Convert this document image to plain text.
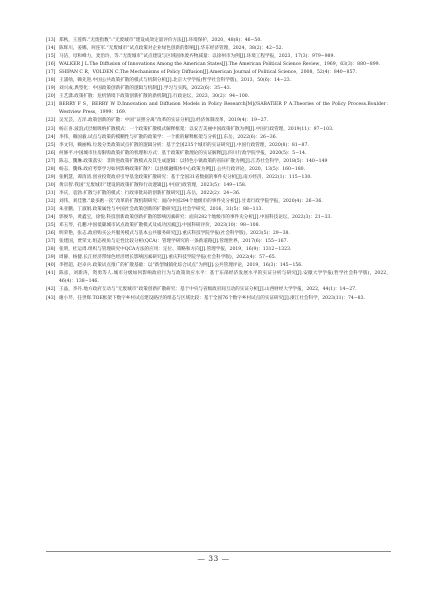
[13] 郑秋，王莲辉.“无废指数”:“无废城市”建设成效定量评价方法[J].环境保护，2020，48(8)：46−50.
[14] 陈辉川，姜娜，何连军.“无废城市”试点政策对企业绿色创新的影响[J].华东经济管理，2024，38(2)：42−52.
[15] 马洁，母和峰力，麦治玲，等.“无废城市”试点建设与区域固体废弃物减量：以徐州市为例[J].环境工程学报，2023，17(3)：979−989.
[16] WALKER J L.The Diffusion of Innovations Among the American States[J].The American Political Science Review，1969，63(3)：880−899.
[17] SHIPAN C R，VOLDEN C.The Mechanisms of Policy Diffusion[J].American Journal of Political Science，2008，52(4)：840−857.
[18] 王浦劬，赖先进.中国公共政策扩散的模式与机制分析[J].北京大学学报(哲学社会科学版)，2013，50(6)：14−23.
[19] 刘兴成.典型化：中国政策创新扩散的逻辑与机制[J].学习与实践，2022(6)：35−43.
[20] 王艺潇.政策扩散：危机情境下政策创新扩散的新机制[J].行政论坛，2023，30(2)：94−100.
[21] BERRY F S，BERRY W D.Innovation and Diffusion Models in Policy Research[M]//SABATIER P A.Theories of the Policy Process.Boulder：Westview Press，1999：169.
[22] 吴光芸，万洋.政策创新的扩散：中国“证照分离”改革的实证分析[J].经济体制改革，2019(4)：19−27.
[23] 杨正喜.波浪式层级吸纳扩散模式：一个政策扩散模式解释框架：以安吉美丽中国政策扩散为例[J].中国行政管理，2019(11)：97−103.
[24] 李伟，赖国毅.试点与政策的模糊性与扩散的政策学：一个新的解释框架与分析[J].东岳，2022(6)：26−36.
[25] 李文钊，赖丽梅.垃圾分类政策试点扩散的逻辑分析：基于全国235个城市的实证研究[J].中国行政管理，2020(8)：81−87.
[26] 何修平.中国城市住房限购政策扩散的机理和方式：基于政策扩散理论的实证解释[J].四川行政学院学报，2020(5)：5−14.
[27] 陈志，魏琳.政策落实：非阶进政策扩散模式及其生成逻辑：以特色小镇政策的省际扩散为例[J].江苏社会科学，2018(5)：140−149
[28] 杨志，魏姝.政府考察学习如何影响政策扩散?：以县级融媒体中心政策为例[J].公共行政评论，2020，13(5)：160−180.
[29] 张帆慧，谭清清.创业投资政府引导基金政策扩散研究：基于全国31省数据的事件史分析[J].南方经济，2022(1)：115−130.
[30] 黄宗智.我国“无废城市”建设的政策扩散和行动逻辑[J].中国行政管理，2023(5)：149−158.
[31] 李庆，袁勃.扩散与扩散的模式：行政审批局的创新扩散研究[J].东岳，2022(2)：24−36.
[32] 刘伟，刘佳雅.“最多跑一次”改革的扩散机制研究：面向中国294个地级市的事件史分析[J].甘肃行政学院学报，2020(4)：26−36.
[33] 朱亚鹏，丁淑娟.政策属性与中国社会政策创新的扩散研究[J].社会学研究，2016，31(5)：88−113.
[34] 郭俊华，黄鑫宝，徐悦.科技创新政策创新扩散的影响因素研究：面向282个地级市的事件史分析[J].中国科技论坛，2022(3)：21−33.
[35] 邓玉琴，孔鹏.中国低碳城市试点政策扩散模式及成功因素[J].中国科研评价，2023(10)：98−108.
[36] 明荣艳，张志.政府购买公共服务模式与基本公共服务研究[J].重庆科技学院学报(社会科学版)，2023(5)：29−38.
[37] 张建国，贾荣文.组态视角与定性比较分析(QCA)：管理学研究的一条新道路[J].管理世界，2017(6)：155−167.
[38] 张明，杜运周.组织与管理研究中QCA方法的应用：定位、策略和方向[J].管理学报，2019，16(9)：1312−1323.
[39] 周静，杨健.长江经济带绿色经济增长影响因素研究[J].重庆科技学院学报(社会科学版)，2022(4)：57−65.
[40] 李智超，赵卓兵.政策试点推广的扩散基础：以“新型城镇化综合试点”为例[J].公共管理评论，2019，16(3)：145−156.
[41] 陈彦，刘新涛，资勇等人.城市分级如何影响政府行为与政策效应水平：基于东部经济发展水平的实证分析与研究[J].安徽大学学报(哲学社会科学版)，2022，46(4)：138−146.
[42] 王晶，李丹.地方政府互动与“无废城市”政策创新扩散研究：基于中央与省级政府间互动的实证分析[J].山西财经大学学报，2022，44(1)：14−27.
[43] 谢小芹，任世辉.TOE框架下数字乡村试点建设路径的组态与区域比较：基于全国76个数字乡村试点的实证研究[J].浙江社会科学，2023(11)：74−83.
— 33 —
